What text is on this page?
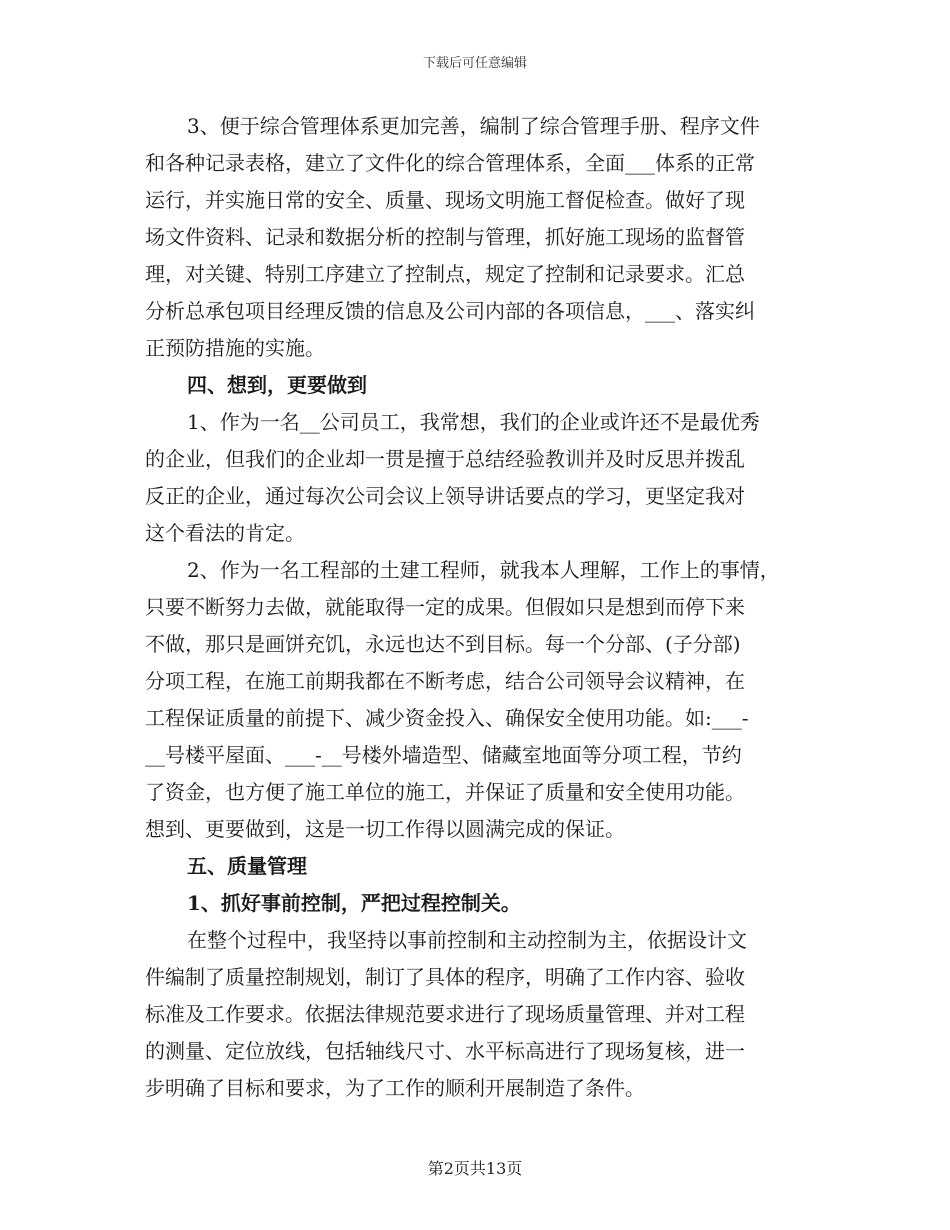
下载后可任意编辑
3、便于综合管理体系更加完善，编制了综合管理手册、程序文件
和各种记录表格，建立了文件化的综合管理体系，全面___体系的正常
运行，并实施日常的安全、质量、现场文明施工督促检查。做好了现
场文件资料、记录和数据分析的控制与管理，抓好施工现场的监督管
理，对关键、特别工序建立了控制点，规定了控制和记录要求。汇总
分析总承包项目经理反馈的信息及公司内部的各项信息，___、落实纠
正预防措施的实施。
四、想到，更要做到
1、作为一名__公司员工，我常想，我们的企业或许还不是最优秀
的企业，但我们的企业却一贯是擅于总结经验教训并及时反思并拨乱
反正的企业，通过每次公司会议上领导讲话要点的学习，更坚定我对
这个看法的肯定。
2、作为一名工程部的土建工程师，就我本人理解，工作上的事情，
只要不断努力去做，就能取得一定的成果。但假如只是想到而停下来
不做，那只是画饼充饥，永远也达不到目标。每一个分部、(子分部)
分项工程，在施工前期我都在不断考虑，结合公司领导会议精神，在
工程保证质量的前提下、减少资金投入、确保安全使用功能。如:___-
__号楼平屋面、___-__号楼外墙造型、储藏室地面等分项工程，节约
了资金，也方便了施工单位的施工，并保证了质量和安全使用功能。
想到、更要做到，这是一切工作得以圆满完成的保证。
五、质量管理
1、抓好事前控制，严把过程控制关。
在整个过程中，我坚持以事前控制和主动控制为主，依据设计文
件编制了质量控制规划，制订了具体的程序，明确了工作内容、验收
标准及工作要求。依据法律规范要求进行了现场质量管理、并对工程
的测量、定位放线，包括轴线尺寸、水平标高进行了现场复核，进一
步明确了目标和要求，为了工作的顺利开展制造了条件。
第2页共13页
